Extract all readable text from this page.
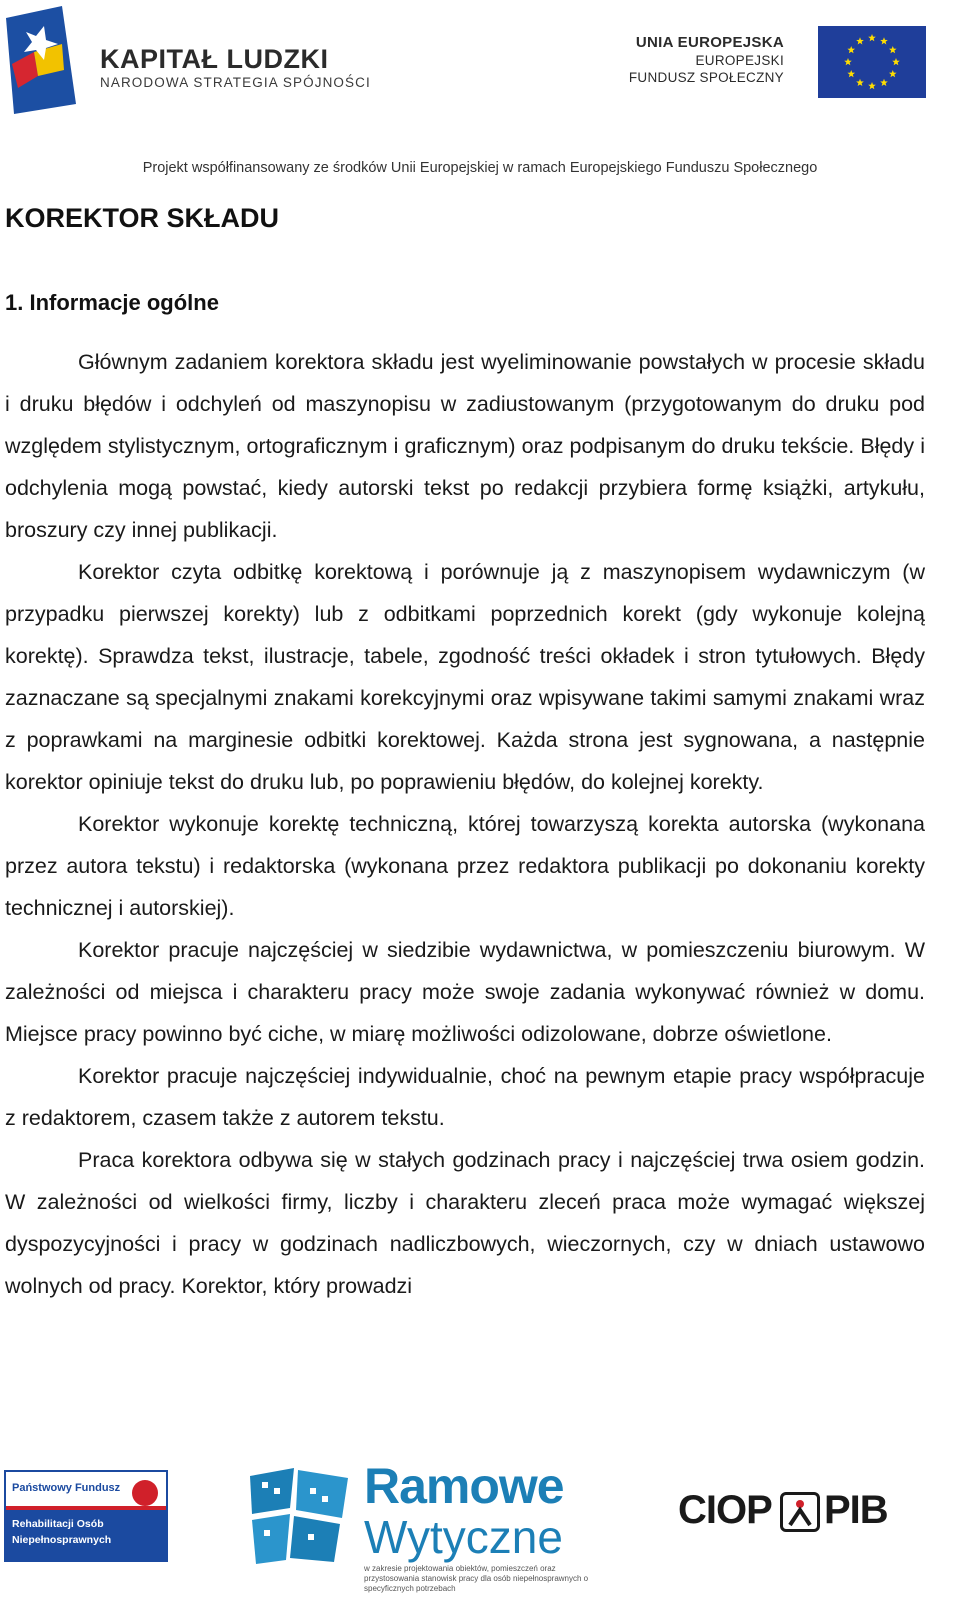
KAPITAŁ LUDZKI
NARODOWA STRATEGIA SPÓJNOŚCI
UNIA EUROPEJSKA
EUROPEJSKI
FUNDUSZ SPOŁECZNY
Projekt współfinansowany ze środków Unii Europejskiej w ramach Europejskiego Funduszu Społecznego
KOREKTOR SKŁADU
1. Informacje ogólne

Głównym zadaniem korektora składu jest wyeliminowanie powstałych w procesie składu i druku błędów i odchyleń od maszynopisu w zadiustowanym (przygotowanym do druku pod względem stylistycznym, ortograficznym i graficznym) oraz podpisanym do druku tekście. Błędy i odchylenia mogą powstać, kiedy autorski tekst po redakcji przybiera formę książki, artykułu, broszury czy innej publikacji.

Korektor czyta odbitkę korektową i porównuje ją z maszynopisem wydawniczym (w przypadku pierwszej korekty) lub z odbitkami poprzednich korekt (gdy wykonuje kolejną korektę). Sprawdza tekst, ilustracje, tabele, zgodność treści okładek i stron tytułowych. Błędy zaznaczane są specjalnymi znakami korekcyjnymi oraz wpisywane takimi samymi znakami wraz z poprawkami na marginesie odbitki korektowej. Każda strona jest sygnowana, a następnie korektor opiniuje tekst do druku lub, po poprawieniu błędów, do kolejnej korekty.

Korektor wykonuje korektę techniczną, której towarzyszą korekta autorska (wykonana przez autora tekstu) i redaktorska (wykonana przez redaktora publikacji po dokonaniu korekty technicznej i autorskiej).

Korektor pracuje najczęściej w siedzibie wydawnictwa, w pomieszczeniu biurowym. W zależności od miejsca i charakteru pracy może swoje zadania wykonywać również w domu. Miejsce pracy powinno być ciche, w miarę możliwości odizolowane, dobrze oświetlone.

Korektor pracuje najczęściej indywidualnie, choć na pewnym etapie pracy współpracuje z redaktorem, czasem także z autorem tekstu.

Praca korektora odbywa się w stałych godzinach pracy i najczęściej trwa osiem godzin. W zależności od wielkości firmy, liczby i charakteru zleceń praca może wymagać większej dyspozycyjności i pracy w godzinach nadliczbowych, wieczornych, czy w dniach ustawowo wolnych od pracy. Korektor, który prowadzi

Państwowy Fundusz
Rehabilitacji Osób
Niepełnosprawnych
Ramowe
Wytyczne
w zakresie projektowania obiektów, pomieszczeń oraz przystosowania stanowisk pracy dla osób niepełnosprawnych o specyficznych potrzebach
CIOP PIB
